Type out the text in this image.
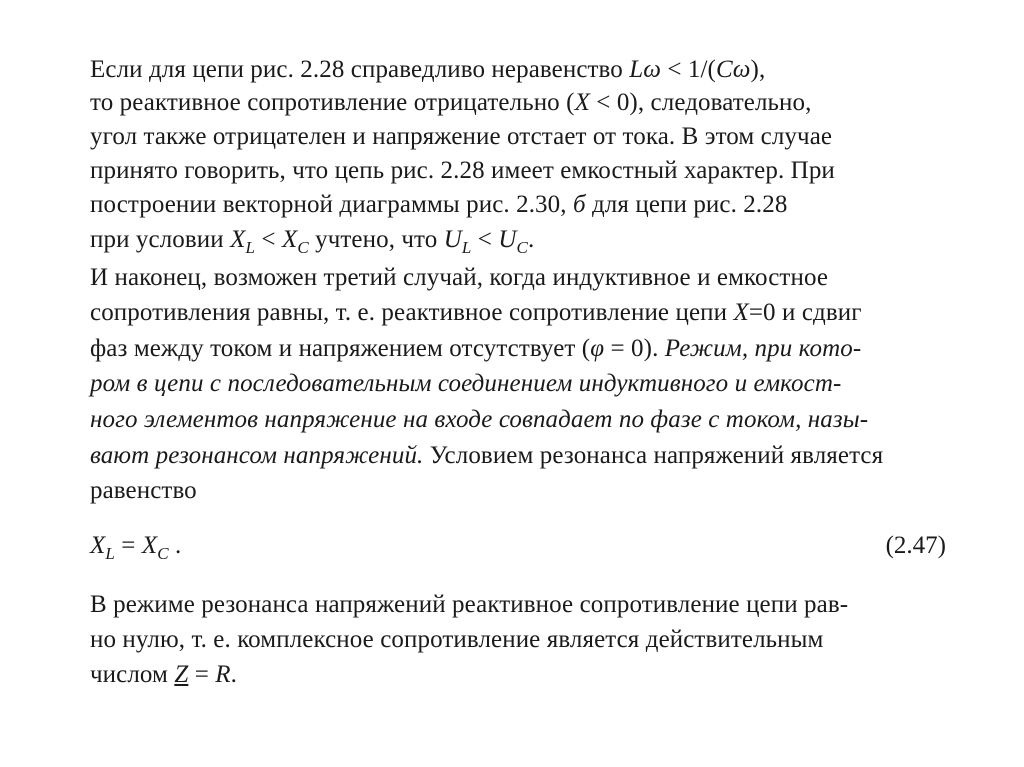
Если для цепи рис. 2.28 справедливо неравенство Lω < 1/(Cω),
то реактивное сопротивление отрицательно (X < 0), следовательно,
угол также отрицателен и напряжение отстает от тока. В этом случае
принято говорить, что цепь рис. 2.28 имеет емкостный характер. При
построении векторной диаграммы рис. 2.30, б для цепи рис. 2.28
при условии $X_L < X_C$ учтено, что $U_L < U_C$.
И наконец, возможен третий случай, когда индуктивное и емкостное
сопротивления равны, т. е. реактивное сопротивление цепи X=0 и сдвиг
фаз между током и напряжением отсутствует (φ = 0). Режим, при кото-
ром в цепи с последовательным соединением индуктивного и емкост-
ного элементов напряжение на входе совпадает по фазе с током, назы-
вают резонансом напряжений. Условием резонанса напряжений является
равенство
$X_L = X_C$ .	(2.47)
В режиме резонанса напряжений реактивное сопротивление цепи рав-
но нулю, т. е. комплексное сопротивление является действительным
числом Z = R.
